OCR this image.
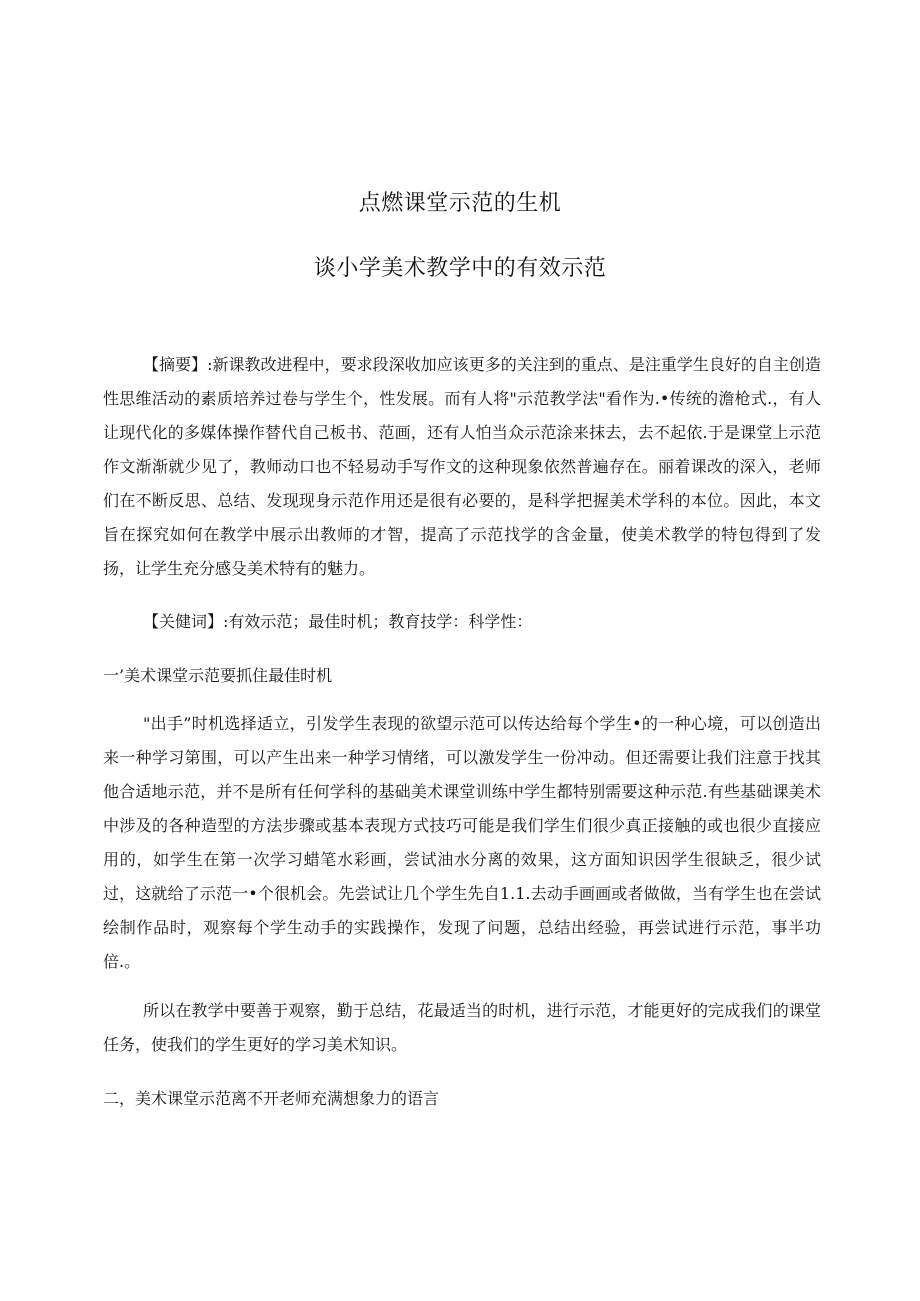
点燃课堂示范的生机
谈小学美术教学中的有效示范

【摘要】:新课教改进程中，要求段深收加应该更多的关注到的重点、是注重学生良好的自主创造性思维活动的素质培养过卷与学生个，性发展。而有人将"示范教学法"看作为.•传统的澹枪式.，有人让现代化的多媒体操作替代自己板书、范画，还有人怕当众示范涂来抹去，去不起依.于是课堂上示范作文渐渐就少见了，教师动口也不轻易动手写作文的这种现象依然普遍存在。丽着课改的深入，老师们在不断反思、总结、发现现身示范作用还是很有必要的，是科学把握美术学科的本位。因此，本文旨在探究如何在教学中展示出教师的才智，提高了示范找学的含金量，使美术教学的特包得到了发扬，让学生充分感殳美术特有的魅力。

【关健词】:有效示范；最佳时机；教育技学：科学性：

一’美术课堂示范要抓住最佳时机

"出手”时机选择适立，引发学生表现的欲望示范可以传达给每个学生•的一种心境，可以创造出来一种学习第围，可以产生出来一种学习情绪，可以激发学生一份冲动。但还需要让我们注意于找其他合适地示范，并不是所有任何学科的基础美术课堂训练中学生都特别需要这种示范.有些基础课美术中涉及的各种造型的方法步骤或基本表现方式技巧可能是我们学生们很少真正接触的或也很少直接应用的，如学生在第一次学习蜡笔水彩画，尝试油水分离的效果，这方面知识因学生很缺乏，很少试过，这就给了示范一•个很机会。先尝试让几个学生先自1.1.去动手画画或者做做，当有学生也在尝试绘制作品时，观察每个学生动手的实践操作，发现了问题，总结出经验，再尝试进行示范，事半功倍.。

所以在教学中要善于观察，勤于总结，花最适当的时机，进行示范，才能更好的完成我们的课堂任务，使我们的学生更好的学习美术知识。

二，美术课堂示范离不开老师充满想象力的语言
